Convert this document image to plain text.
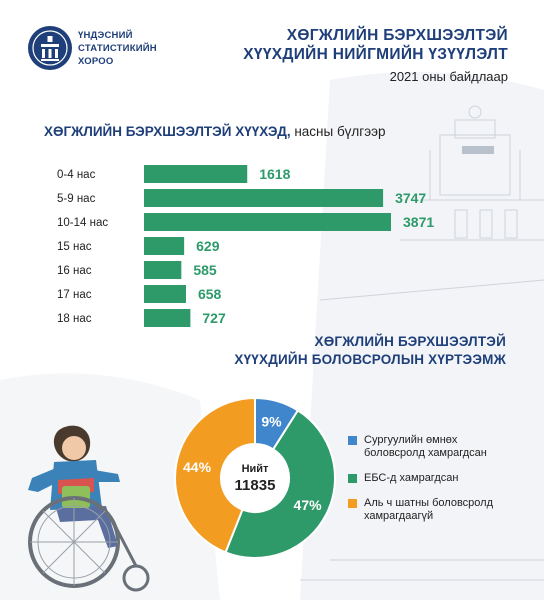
ҮНДЭСНИЙ
СТАТИСТИКИЙН
ХОРОО
ХӨГЖЛИЙН БЭРХШЭЭЛТЭЙ
ХҮҮХДИЙН НИЙГМИЙН ҮЗҮҮЛЭЛТ
2021 оны байдлаар
ХӨГЖЛИЙН БЭРХШЭЭЛТЭЙ ХҮҮХЭД, насны бүлгээр
0-4 нас	1618
5-9 нас	3747
10-14 нас	3871
15 нас	629
16 нас	585
17 нас	658
18 нас	727
ХӨГЖЛИЙН БЭРХШЭЭЛТЭЙ
ХҮҮХДИЙН БОЛОВСРОЛЫН ХҮРТЭЭМЖ
9%
47%
44%	Нийт
11835
Сургуулийн өмнөх
боловсролд хамрагдсан
ЕБС-д хамрагдсан
Аль ч шатны боловсролд
хамрагдаагүй
